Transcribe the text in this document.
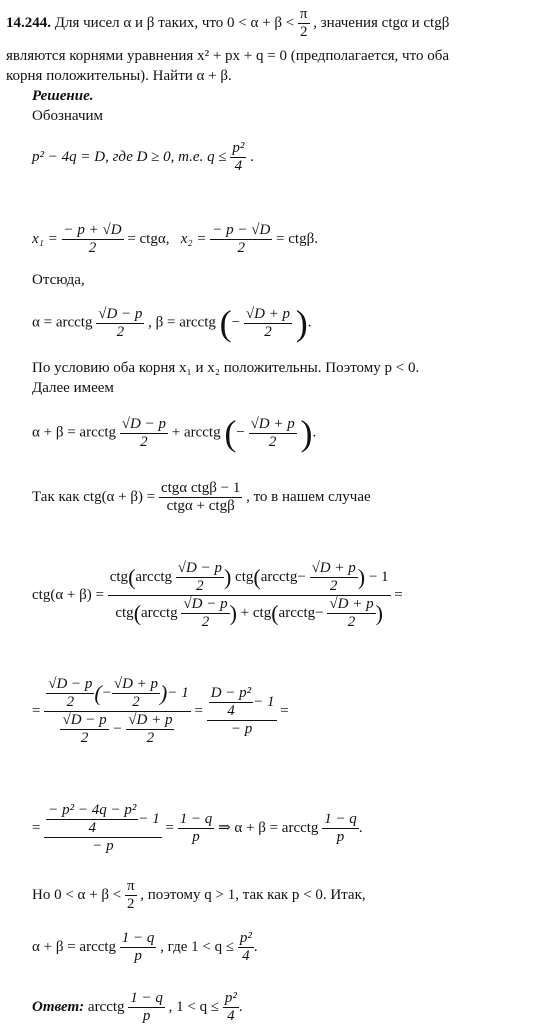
14.244. Для чисел α и β таких, что $0 < \alpha + \beta < \frac{\pi}{2}$ , значения ctgα и ctgβ
являются корнями уравнения x² + px + q = 0 (предполагается, что оба
корня положительны). Найти α + β.
Решение.
Обозначим
p² − 4q = D, где D ≥ 0, т.е. $q \le \frac{\text{p²}}{4}$ .
$x_1 = \frac{- p + √D}{2} = ctg\alpha$, $x_2 = \frac{- p - √D}{2} = ctg\beta$.
Отсюда,
α = arcctg $\frac{√D - p}{2}$ , β = arcctg (− $\frac{√D + p}{2}$ ).
По условию оба корня x₁ и x₂ положительны. Поэтому p < 0.
Далее имеем
α + β = arcctg $\frac{√D - p}{2}$ + arcctg (− $\frac{√D + p}{2}$ ).
Так как $ctg(\alpha + \beta) = \frac{\text{ctgα ctgβ − 1}}{\text{ctgα + ctgβ}}$ , то в нашем случае
ctg(α + β) =
ctg(arcctg $\frac{√D - p}{2}$ ) ctg(arcctg− $\frac{√D + p}{2}$ ) − 1
ctg(arcctg $\frac{√D - p}{2}$ ) + ctg(arcctg− $\frac{√D + p}{2}$ )
=
= $\frac{\frac{√D - p}{2} (- \frac{√D + p}{2} )- 1}{\frac{√D - p}{2} - \frac{√D + p}{2}} = \frac{\frac{\text{D − p²}}{4} - 1}{- p}$ =
= $\frac{\frac{\text{− p² − 4q − p²}}{4} - 1}{- p} = \frac{1 - q}{p}$ ⇒ α + β = arcctg $\frac{1 - q}{p}$ .
Но $0 < \alpha + \beta < \frac{\pi}{2}$ , поэтому q > 1, так как p < 0. Итак,
α + β = arcctg $\frac{1 - q}{p}$ , где $1 < q \le \frac{\text{p²}}{4}$ .
Ответ: arcctg $\frac{1 - q}{p}$ , $1 < q \le \frac{\text{p²}}{4}$ .
